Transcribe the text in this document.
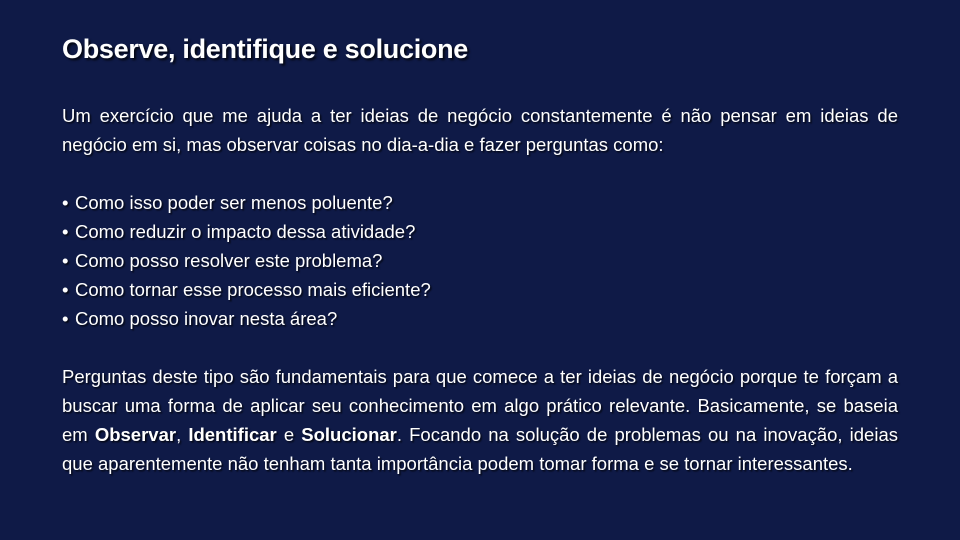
Observe, identifique e solucione

Um exercício que me ajuda a ter ideias de negócio constantemente é não pensar em ideias de negócio em si, mas observar coisas no dia-a-dia e fazer perguntas como:

• Como isso poder ser menos poluente?
• Como reduzir o impacto dessa atividade?
• Como posso resolver este problema?
• Como tornar esse processo mais eficiente?
• Como posso inovar nesta área?

Perguntas deste tipo são fundamentais para que comece a ter ideias de negócio porque te forçam a buscar uma forma de aplicar seu conhecimento em algo prático relevante. Basicamente, se baseia em Observar, Identificar e Solucionar. Focando na solução de problemas ou na inovação, ideias que aparentemente não tenham tanta importância podem tomar forma e se tornar interessantes.
